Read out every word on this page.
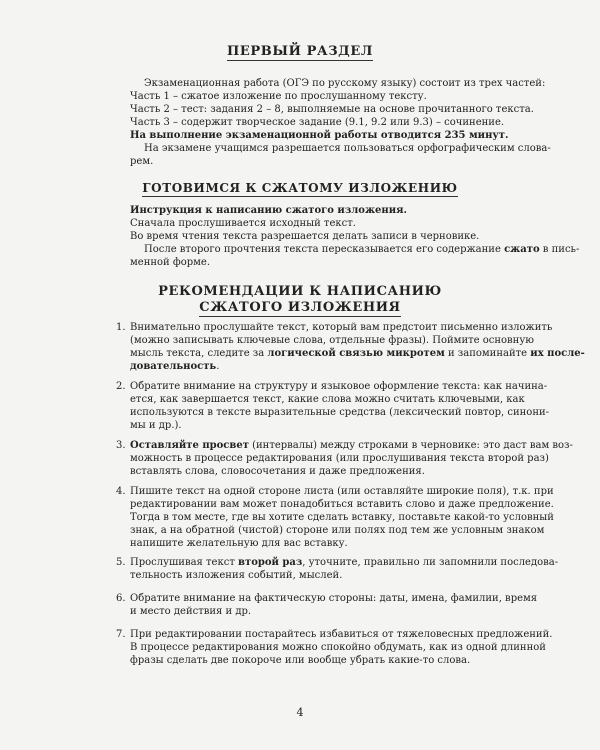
ПЕРВЫЙ РАЗДЕЛ
Экзаменационная работа (ОГЭ по русскому языку) состоит из трех частей:
Часть 1 – сжатое изложение по прослушанному тексту.
Часть 2 – тест: задания 2 – 8, выполняемые на основе прочитанного текста.
Часть 3 – содержит творческое задание (9.1, 9.2 или 9.3) – сочинение.
На выполнение экзаменационной работы отводится 235 минут.
На экзамене учащимся разрешается пользоваться орфографическим слова-
рем.
ГОТОВИМСЯ К СЖАТОМУ ИЗЛОЖЕНИЮ
Инструкция к написанию сжатого изложения.
Сначала прослушивается исходный текст.
Во время чтения текста разрешается делать записи в черновике.
После второго прочтения текста пересказывается его содержание сжато в пись-
менной форме.
РЕКОМЕНДАЦИИ К НАПИСАНИЮ
СЖАТОГО ИЗЛОЖЕНИЯ
1. Внимательно прослушайте текст, который вам предстоит письменно изложить
(можно записывать ключевые слова, отдельные фразы). Поймите основную
мысль текста, следите за логической связью микротем и запоминайте их после-
довательность.
2. Обратите внимание на структуру и языковое оформление текста: как начина-
ется, как завершается текст, какие слова можно считать ключевыми, как
используются в тексте выразительные средства (лексический повтор, синони-
мы и др.).
3. Оставляйте просвет (интервалы) между строками в черновике: это даст вам воз-
можность в процессе редактирования (или прослушивания текста второй раз)
вставлять слова, словосочетания и даже предложения.
4. Пишите текст на одной стороне листа (или оставляйте широкие поля), т.к. при
редактировании вам может понадобиться вставить слово и даже предложение.
Тогда в том месте, где вы хотите сделать вставку, поставьте какой-то условный
знак, а на обратной (чистой) стороне или полях под тем же условным знаком
напишите желательную для вас вставку.
5. Прослушивая текст второй раз, уточните, правильно ли запомнили последова-
тельность изложения событий, мыслей.
6. Обратите внимание на фактическую стороны: даты, имена, фамилии, время
и место действия и др.
7. При редактировании постарайтесь избавиться от тяжеловесных предложений.
В процессе редактирования можно спокойно обдумать, как из одной длинной
фразы сделать две покороче или вообще убрать какие-то слова.
4
